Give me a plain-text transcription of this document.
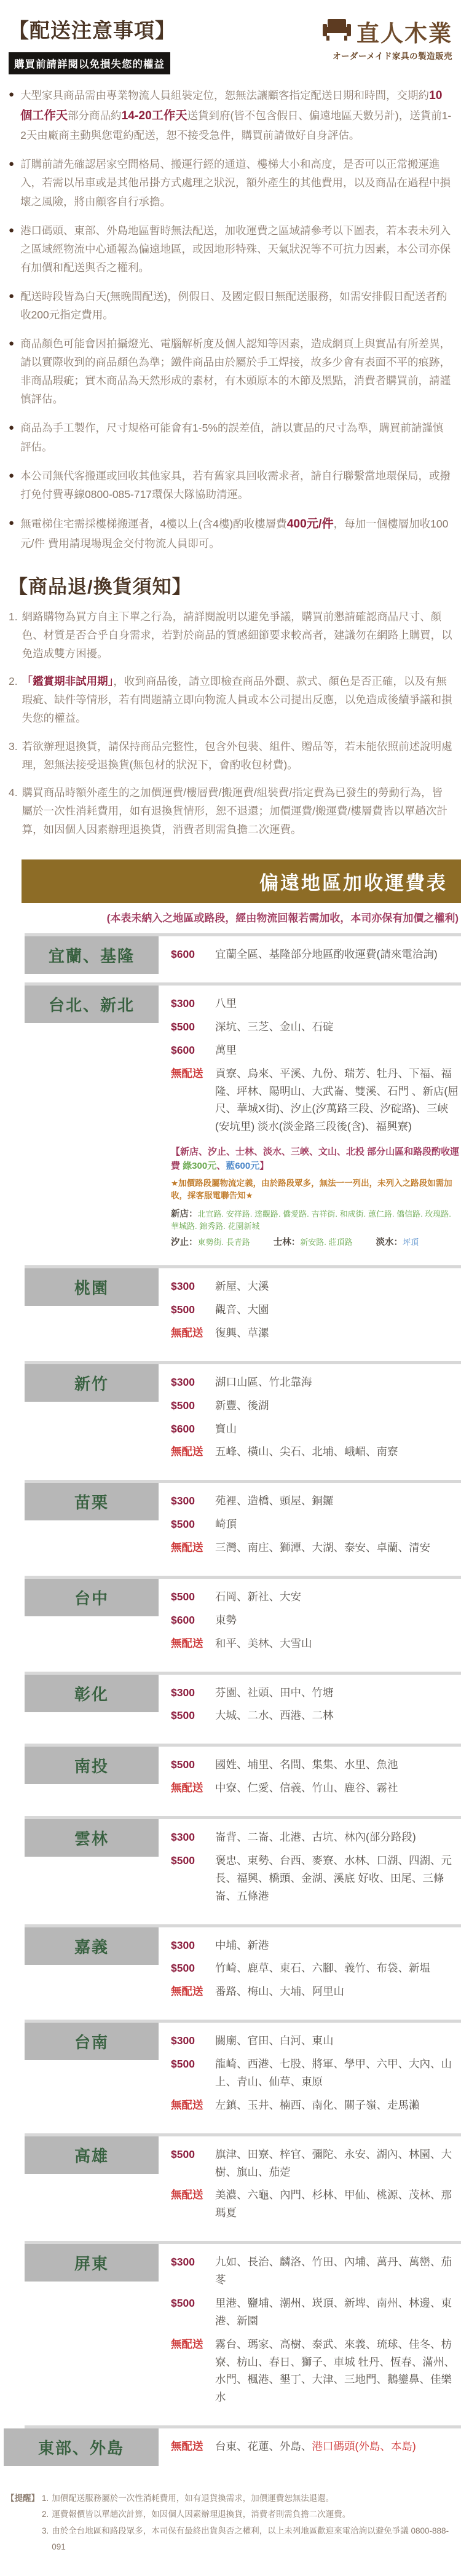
【配送注意事項】
購買前請詳閱以免損失您的權益
直人木業
オーダーメイド家具の製造販売
● 大型家具商品需由專業物流人員組裝定位，恕無法讓顧客指定配送日期和時間，交期約10個工作天部分商品約14-20工作天送貨到府(皆不包含假日、偏遠地區天數另計)，送貨前1-2天由廠商主動與您電約配送，恕不接受急件，購買前請做好自身評估。
● 訂購前請先確認居家空間格局、搬運行經的通道、樓梯大小和高度，是否可以正常搬運進入，若需以吊車或是其他吊掛方式處理之狀況，額外產生的其他費用，以及商品在過程中損壞之風險，將由顧客自行承擔。
● 港口碼頭、東部、外島地區暫時無法配送，加收運費之區域請參考以下圖表，若本表未列入之區域經物流中心通報為偏遠地區，或因地形特殊、天氣狀況等不可抗力因素，本公司亦保有加價和配送與否之權利。
● 配送時段皆為白天(無晚間配送)，例假日、及國定假日無配送服務，如需安排假日配送者酌收200元指定費用。
● 商品顏色可能會因拍攝燈光、電腦解析度及個人認知等因素，造成網頁上與實品有所差異，請以實際收到的商品顏色為準；鐵件商品由於屬於手工焊接，故多少會有表面不平的痕跡，非商品瑕疵；實木商品為天然形成的素材，有木頭原本的木節及黑點，消費者購買前，請謹慎評估。
● 商品為手工製作，尺寸規格可能會有1-5%的誤差值，請以實品的尺寸為準，購買前請謹慎評估。
● 本公司無代客搬運或回收其他家具，若有舊家具回收需求者，請自行聯繫當地環保局，或撥打免付費專線0800-085-717環保大隊協助清運。
● 無電梯住宅需採樓梯搬運者，4樓以上(含4樓)酌收樓層費400元/件，每加一個樓層加收100元/件 費用請現場現金交付物流人員即可。
【商品退/換貨須知】
1. 網路購物為買方自主下單之行為，請詳閱說明以避免爭議，購買前懇請確認商品尺寸、顏色、材質是否合乎自身需求，若對於商品的質感細節要求較高者，建議勿在網路上購買，以免造成雙方困擾。
2. 「鑑賞期非試用期」，收到商品後，請立即檢查商品外觀、款式、顏色是否正確，以及有無瑕疵、缺件等情形，若有問題請立即向物流人員或本公司提出反應，以免造成後續爭議和損失您的權益。
3. 若欲辦理退換貨，請保持商品完整性，包含外包裝、組件、贈品等，若未能依照前述說明處理，恕無法接受退換貨(無包材的狀況下，會酌收包材費)。
4. 購買商品時額外產生的之加價運費/樓層費/搬運費/組裝費/指定費為已發生的勞動行為，皆屬於一次性消耗費用，如有退換貨情形，恕不退還；加價運費/搬運費/樓層費皆以單趟次計算，如因個人因素辦理退換貨，消費者則需負擔二次運費。
偏遠地區加收運費表
(本表未納入之地區或路段，經由物流回報若需加收，本司亦保有加價之權利)
宜蘭、基隆	$600	宜蘭全區、基隆部分地區酌收運費(請來電洽詢)
台北、新北	$300	八里
$500	深坑、三芝、金山、石碇
$600	萬里
無配送 貢寮、烏來、平溪、九份、瑞芳、牡丹、下福、福隆、坪林、陽明山、大武崙、雙溪、石門 、新店(屈尺、華城X街)、汐止(汐萬路三段、汐碇路)、三峽(安坑里) 淡水(淡金路三段後(含)、福興寮)
【新店、汐止、士林、淡水、三峽、文山、北投 部分山區和路段酌收運費 綠300元、藍600元】
★加價路段屬物流定義，由於路段眾多，無法一一列出，未列入之路段如需加收，採客服電聯告知★
新店：北宜路. 安祥路. 達觀路. 僑愛路. 吉祥街. 和成街. 蕙仁路. 僑信路. 玫瑰路. 華城路. 錦秀路. 花園新城
汐止：東勢街. 長青路	士林：新安路. 莊頂路	淡水：坪頂
桃園	$300	新屋、大溪
$500	觀音、大園
無配送 復興、草漯
新竹	$300	湖口山區、竹北靠海
$500	新豐、後湖
$600	寶山
無配送 五峰、橫山、尖石、北埔、峨嵋、南寮
苗栗	$300	苑裡、造橋、頭屋、銅鑼
$500	崎頂
無配送 三灣、南庄、獅潭、大湖、泰安、卓蘭、清安
台中	$500	石岡、新社、大安
$600	東勢
無配送 和平、美林、大雪山
彰化	$300	芬園、社頭、田中、竹塘
$500	大城、二水、西港、二林
南投	$500	國姓、埔里、名間、集集、水里、魚池
無配送 中寮、仁愛、信義、竹山、鹿谷、霧社
雲林	$300	崙背、二崙、北港、古坑、林內(部分路段)
$500	褒忠、東勢、台西、麥寮、水林、口湖、四湖、元長、福興、橋頭、金湖、溪底 好收、田尾、三條崙、五條港
嘉義	$300	中埔、新港
$500	竹崎、鹿草、東石、六腳、義竹、布袋、新塭
無配送 番路、梅山、大埔、阿里山
台南	$300	關廟、官田、白河、東山
$500	龍崎、西港、七股、將軍、學甲、六甲、大內、山上、青山、仙草、東原
無配送 左鎮、玉井、楠西、南化、關子嶺、走馬瀨
高雄	$500	旗津、田寮、梓官、彌陀、永安、湖內、林園、大樹、旗山、茄萣
無配送 美濃、六龜、內門、杉林、甲仙、桃源、茂林、那瑪夏
屏東	$300	九如、長治、麟洛、竹田、內埔、萬丹、萬巒、茄苳
$500	里港、鹽埔、潮州、崁頂、新埤、南州、林邊、東港、新園
無配送 霧台、瑪家、高樹、泰武、來義、琉球、佳冬、枋寮、枋山、春日、獅子、車城 牡丹、恆春、滿州、水門、楓港、墾丁、大津、三地門、鵝鑾鼻、佳樂水
東部、外島	無配送 台東、花蓮、外島、港口碼頭(外島、本島)
【提醒】 1. 加價配送服務屬於一次性消耗費用，如有退貨換需求，加價運費恕無法退還。
2. 運費報價皆以單趟次計算，如因個人因素辦理退換貨，消費者則需負擔二次運費。
3. 由於全台地區和路段眾多，本司保有最終出貨與否之權利，以上未列地區歡迎來電洽詢以避免爭議 0800-888-091
